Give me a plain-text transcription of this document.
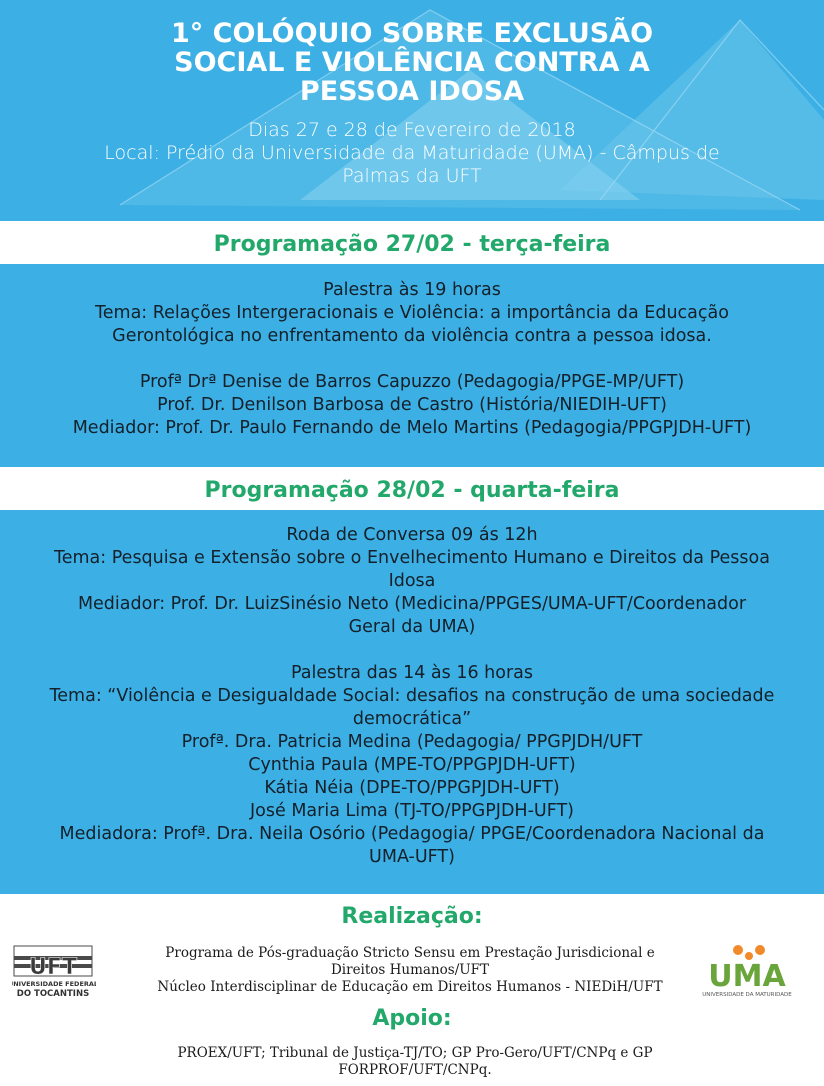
1° COLÓQUIO SOBRE EXCLUSÃO
SOCIAL E VIOLÊNCIA CONTRA A
PESSOA IDOSA
Dias 27 e 28 de Fevereiro de 2018
Local: Prédio da Universidade da Maturidade (UMA) - Câmpus de
Palmas da UFT
Programação 27/02 - terça-feira

Palestra às 19 horas

Tema: Relações Intergeracionais e Violência: a importância da Educação

Gerontológica no enfrentamento da violência contra a pessoa idosa.

Profª Drª Denise de Barros Capuzzo (Pedagogia/PPGE-MP/UFT)

Prof. Dr. Denilson Barbosa de Castro (História/NIEDIH-UFT)

Mediador: Prof. Dr. Paulo Fernando de Melo Martins (Pedagogia/PPGPJDH-UFT)

Programação 28/02 - quarta-feira

Roda de Conversa 09 ás 12h

Tema: Pesquisa e Extensão sobre o Envelhecimento Humano e Direitos da Pessoa

Idosa

Mediador: Prof. Dr. LuizSinésio Neto (Medicina/PPGES/UMA-UFT/Coordenador

Geral da UMA)

Palestra das 14 às 16 horas

Tema: “Violência e Desigualdade Social: desafios na construção de uma sociedade

democrática”

Profª. Dra. Patricia Medina (Pedagogia/ PPGPJDH/UFT

Cynthia Paula (MPE-TO/PPGPJDH-UFT)

Kátia Néia (DPE-TO/PPGPJDH-UFT)

José Maria Lima (TJ-TO/PPGPJDH-UFT)

Mediadora: Profª. Dra. Neila Osório (Pedagogia/ PPGE/Coordenadora Nacional da

UMA-UFT)

Realização:
UFT
UNIVERSIDADE FEDERAL
DO TOCANTINS
Programa de Pós-graduação Stricto Sensu em Prestação Jurisdicional e
Direitos Humanos/UFT
Núcleo Interdisciplinar de Educação em Direitos Humanos - NIEDiH/UFT	UMA
UNIVERSIDADE DA MATURIDADE
Apoio:
PROEX/UFT; Tribunal de Justiça-TJ/TO; GP Pro-Gero/UFT/CNPq e GP
FORPROF/UFT/CNPq.
